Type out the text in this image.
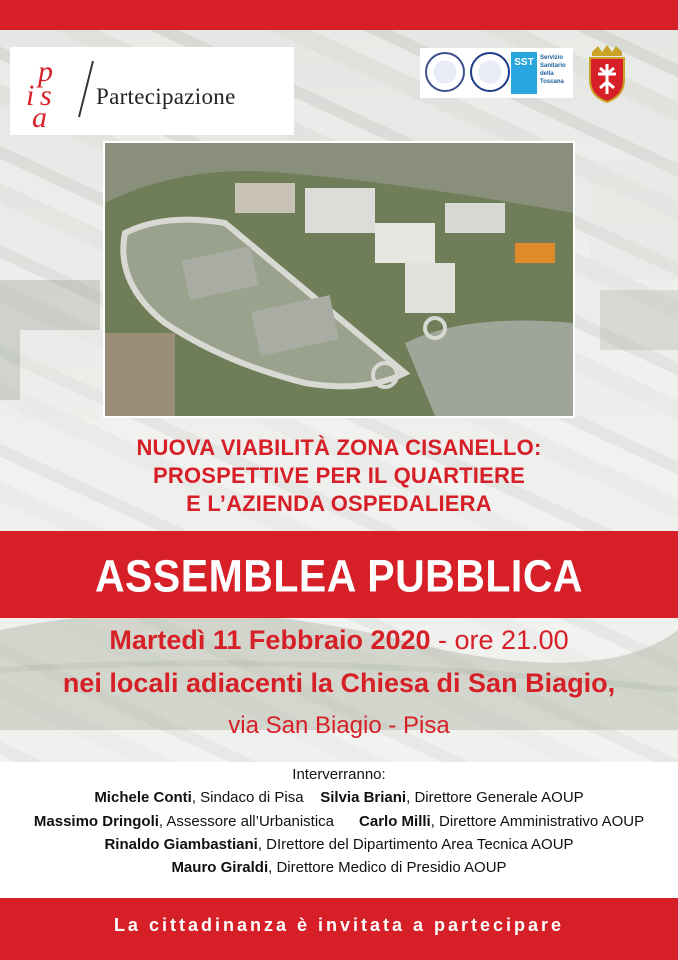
p
i s
a
Partecipazione
SST	Servizio Sanitario della Toscana
NUOVA VIABILITÀ ZONA CISANELLO:
PROSPETTIVE PER IL QUARTIERE
E L’AZIENDA OSPEDALIERA
ASSEMBLEA PUBBLICA
Martedì 11 Febbraio 2020 - ore 21.00
nei locali adiacenti la Chiesa di San Biagio,
via San Biagio - Pisa
Interverranno:
Michele Conti, Sindaco di Pisa Silvia Briani, Direttore Generale AOUP
Massimo Dringoli, Assessore all’Urbanistica Carlo Milli, Direttore Amministrativo AOUP
Rinaldo Giambastiani, DIrettore del Dipartimento Area Tecnica AOUP
Mauro Giraldi, Direttore Medico di Presidio AOUP
La cittadinanza è invitata a partecipare
